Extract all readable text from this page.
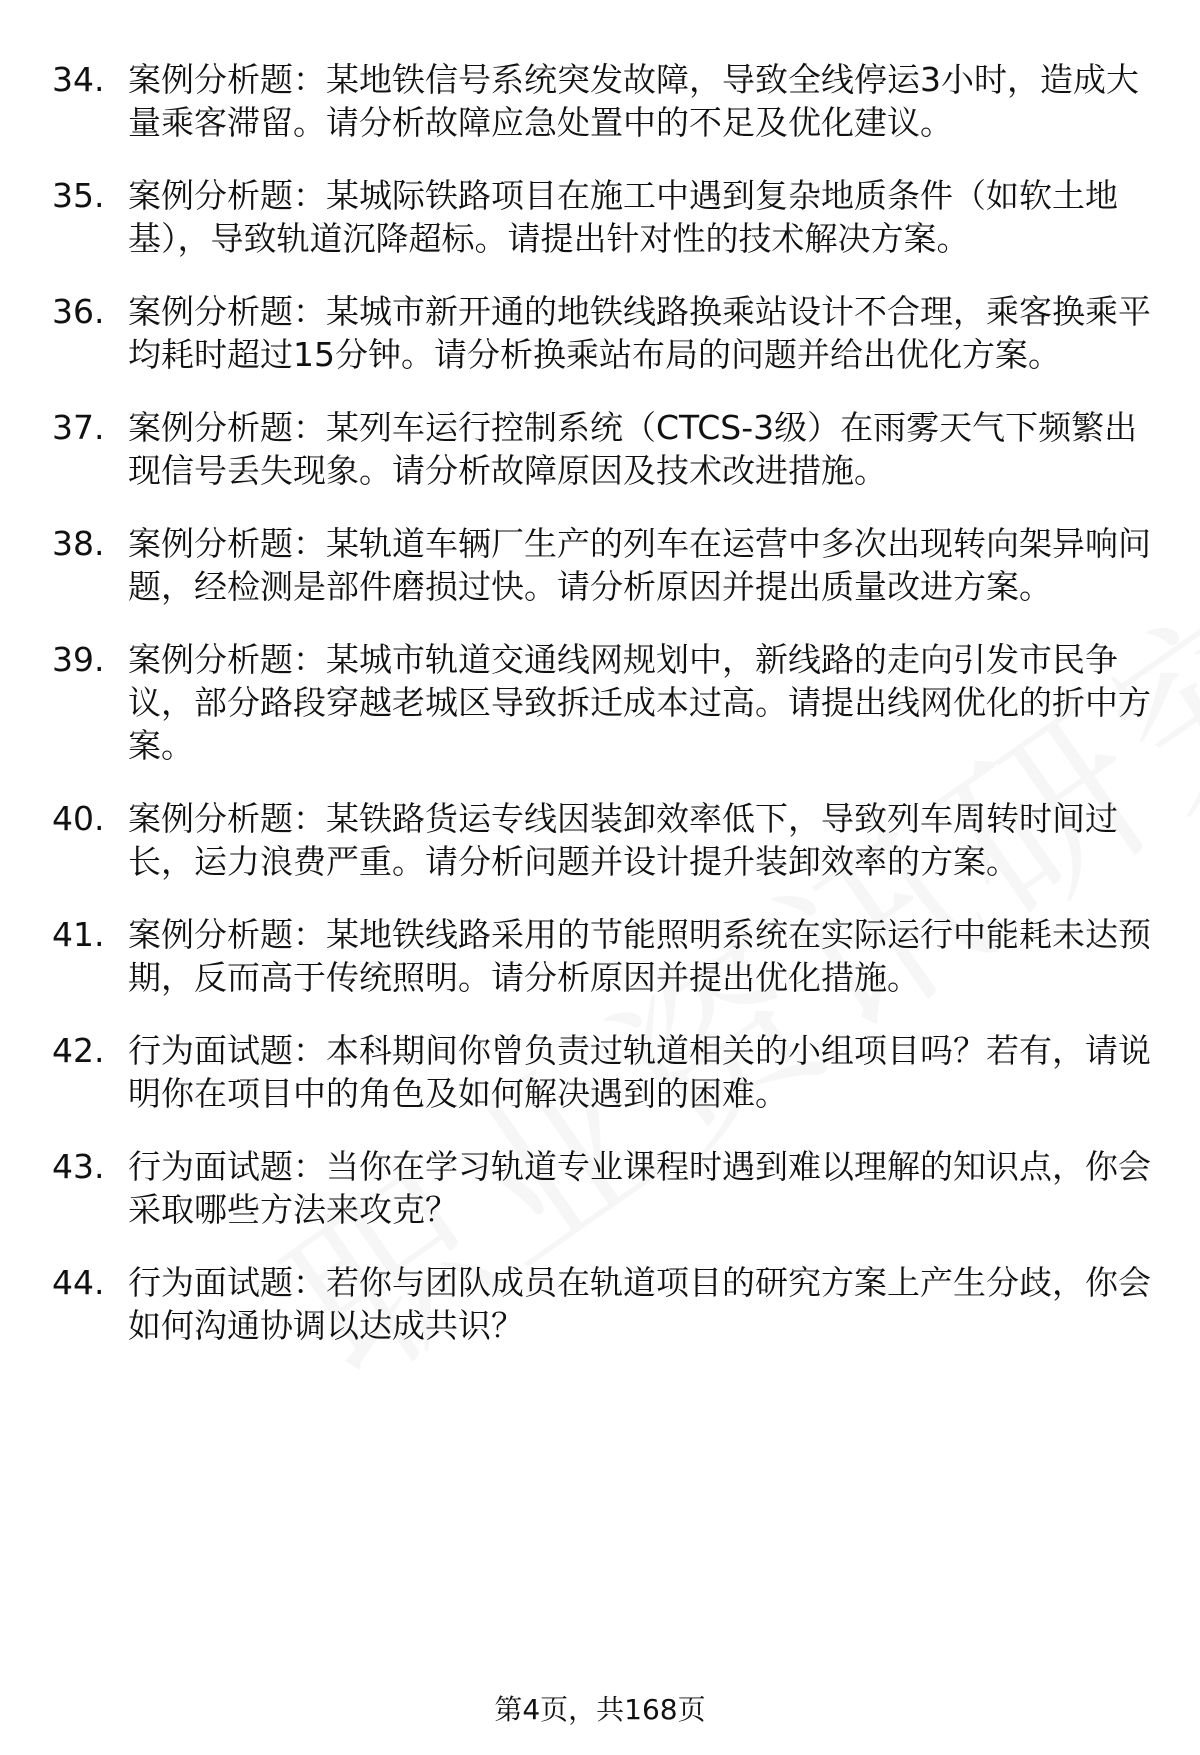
34. 案例分析题：某地铁信号系统突发故障，导致全线停运3小时，造成大量乘客滞留。请分析故障应急处置中的不足及优化建议。
35. 案例分析题：某城际铁路项目在施工中遇到复杂地质条件（如软土地基），导致轨道沉降超标。请提出针对性的技术解决方案。
36. 案例分析题：某城市新开通的地铁线路换乘站设计不合理，乘客换乘平均耗时超过15分钟。请分析换乘站布局的问题并给出优化方案。
37. 案例分析题：某列车运行控制系统（CTCS-3级）在雨雾天气下频繁出现信号丢失现象。请分析故障原因及技术改进措施。
38. 案例分析题：某轨道车辆厂生产的列车在运营中多次出现转向架异响问题，经检测是部件磨损过快。请分析原因并提出质量改进方案。
39. 案例分析题：某城市轨道交通线网规划中，新线路的走向引发市民争议，部分路段穿越老城区导致拆迁成本过高。请提出线网优化的折中方案。
40. 案例分析题：某铁路货运专线因装卸效率低下，导致列车周转时间过长，运力浪费严重。请分析问题并设计提升装卸效率的方案。
41. 案例分析题：某地铁线路采用的节能照明系统在实际运行中能耗未达预期，反而高于传统照明。请分析原因并提出优化措施。
42. 行为面试题：本科期间你曾负责过轨道相关的小组项目吗？若有，请说明你在项目中的角色及如何解决遇到的困难。
43. 行为面试题：当你在学习轨道专业课程时遇到难以理解的知识点，你会采取哪些方法来攻克？
44. 行为面试题：若你与团队成员在轨道项目的研究方案上产生分歧，你会如何沟通协调以达成共识？
第4页，共168页
